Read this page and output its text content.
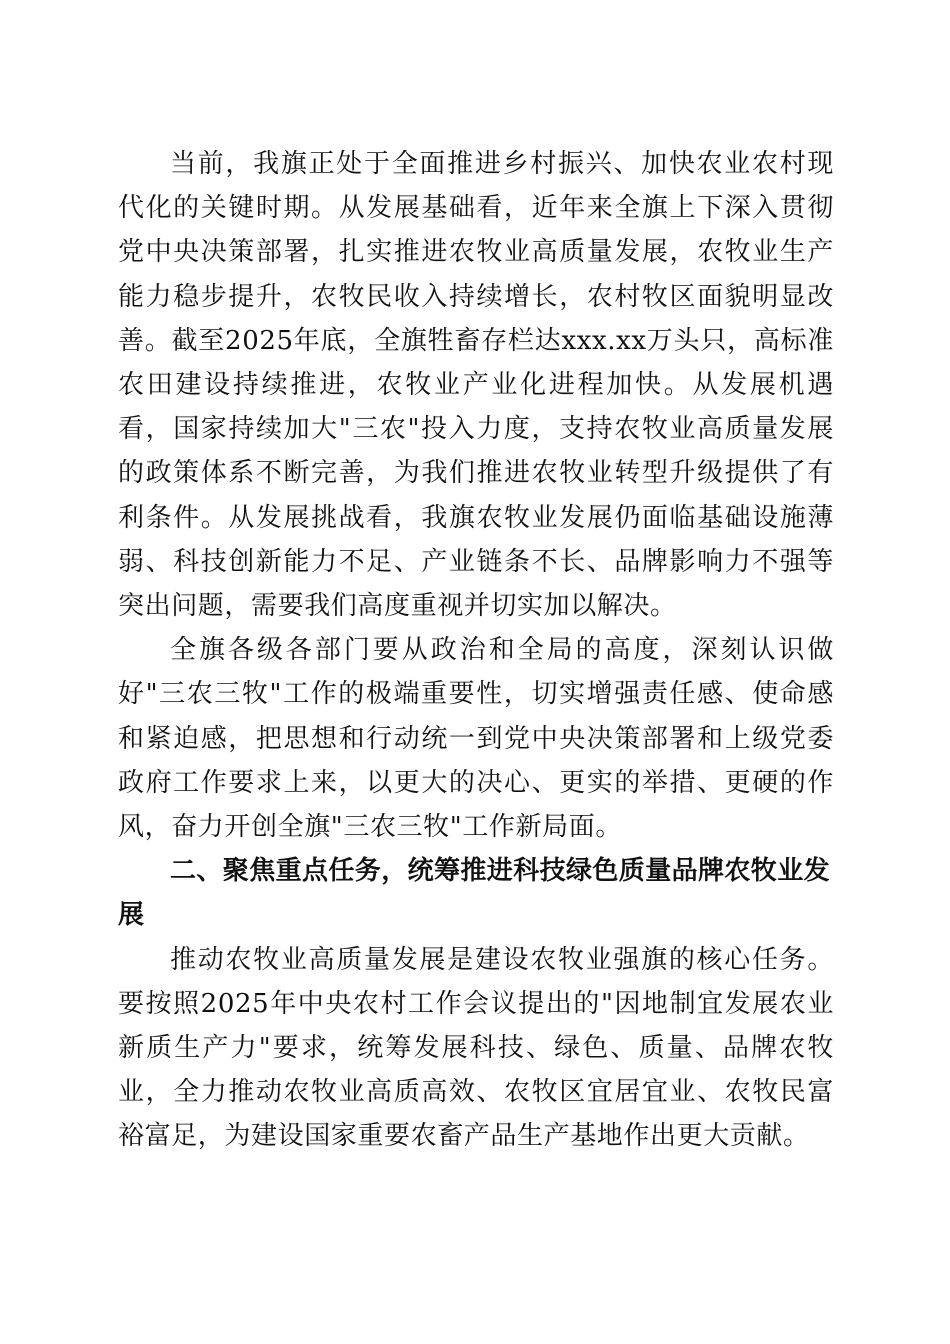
当前，我旗正处于全面推进乡村振兴、加快农业农村现代化的关键时期。从发展基础看，近年来全旗上下深入贯彻党中央决策部署，扎实推进农牧业高质量发展，农牧业生产能力稳步提升，农牧民收入持续增长，农村牧区面貌明显改善。截至2025年底，全旗牲畜存栏达xxx.xx万头只，高标准农田建设持续推进，农牧业产业化进程加快。从发展机遇看，国家持续加大"三农"投入力度，支持农牧业高质量发展的政策体系不断完善，为我们推进农牧业转型升级提供了有利条件。从发展挑战看，我旗农牧业发展仍面临基础设施薄弱、科技创新能力不足、产业链条不长、品牌影响力不强等突出问题，需要我们高度重视并切实加以解决。

全旗各级各部门要从政治和全局的高度，深刻认识做好"三农三牧"工作的极端重要性，切实增强责任感、使命感和紧迫感，把思想和行动统一到党中央决策部署和上级党委政府工作要求上来，以更大的决心、更实的举措、更硬的作风，奋力开创全旗"三农三牧"工作新局面。

二、聚焦重点任务，统筹推进科技绿色质量品牌农牧业发展

推动农牧业高质量发展是建设农牧业强旗的核心任务。要按照2025年中央农村工作会议提出的"因地制宜发展农业新质生产力"要求，统筹发展科技、绿色、质量、品牌农牧业，全力推动农牧业高质高效、农牧区宜居宜业、农牧民富裕富足，为建设国家重要农畜产品生产基地作出更大贡献。
